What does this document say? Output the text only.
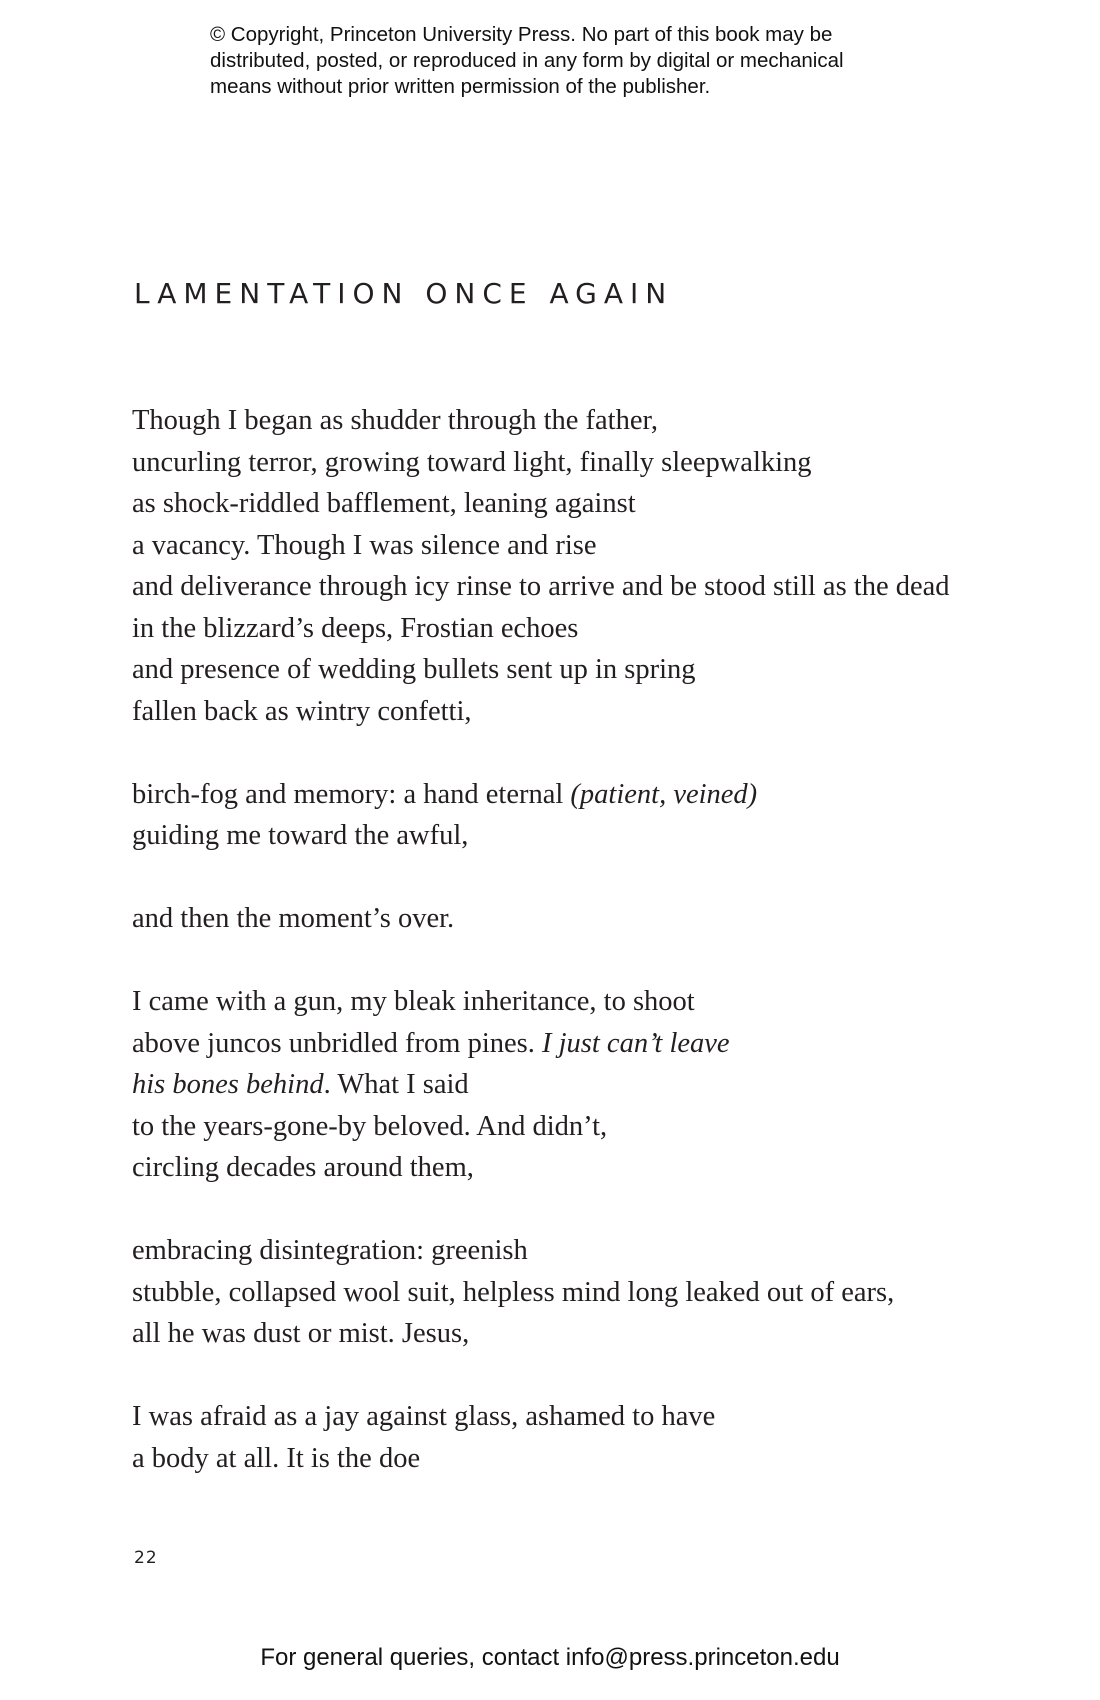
© Copyright, Princeton University Press. No part of this book may be
distributed, posted, or reproduced in any form by digital or mechanical
means without prior written permission of the publisher.
LAMENTATION ONCE AGAIN
Though I began as shudder through the father,
uncurling terror, growing toward light, finally sleepwalking
as shock-riddled bafflement, leaning against
a vacancy. Though I was silence and rise
and deliverance through icy rinse to arrive and be stood still as the dead
in the blizzard’s deeps, Frostian echoes
and presence of wedding bullets sent up in spring
fallen back as wintry confetti,
birch-fog and memory: a hand eternal (patient, veined)
guiding me toward the awful,
and then the moment’s over.
I came with a gun, my bleak inheritance, to shoot
above juncos unbridled from pines. I just can’t leave
his bones behind. What I said
to the years-gone-by beloved. And didn’t,
circling decades around them,
embracing disintegration: greenish
stubble, collapsed wool suit, helpless mind long leaked out of ears,
all he was dust or mist. Jesus,
I was afraid as a jay against glass, ashamed to have
a body at all. It is the doe
22
For general queries, contact info@press.princeton.edu
